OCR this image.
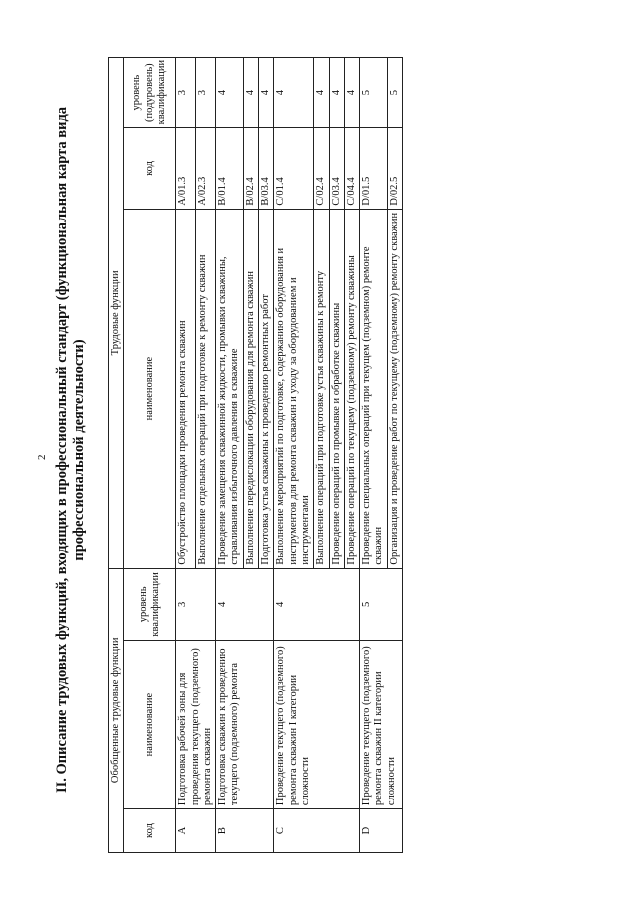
2 II. Описание трудовых функций, входящих в профессиональный стандарт (функциональная карта вида профессиональной деятельности)
Обобщенные трудовые функции			Трудовые функции		
код	наименование	уровень квалификации	наименование	код	уровень (подуровень) квалификации
A	Подготовка рабочей зоны для проведения текущего (подземного) ремонта скважин	3	Обустройство площадки проведения ремонта скважин	A/01.3	3
			Выполнение отдельных операций при подготовке к ремонту скважин	A/02.3	3
B	Подготовка скважин к проведению текущего (подземного) ремонта	4	Проведение замещения скважинной жидкости, промывки скважины, стравливания избыточного давления в скважине	B/01.4	4
			Выполнение передислокации оборудования для ремонта скважин	B/02.4	4
			Подготовка устья скважины к проведению ремонтных работ	B/03.4	4
C	Проведение текущего (подземного) ремонта скважин I категории сложности	4	Выполнение мероприятий по подготовке, содержанию оборудования и инструментов для ремонта скважин и уходу за оборудованием и инструментами	C/01.4	4
			Выполнение операций при подготовке устья скважины к ремонту	C/02.4	4
			Проведение операций по промывке и обработке скважины	C/03.4	4
			Проведение операций по текущему (подземному) ремонту скважины	C/04.4	4
D	Проведение текущего (подземного) ремонта скважин II категории сложности	5	Проведение специальных операций при текущем (подземном) ремонте скважин	D/01.5	5
			Организация и проведение работ по текущему (подземному) ремонту скважин	D/02.5	5
